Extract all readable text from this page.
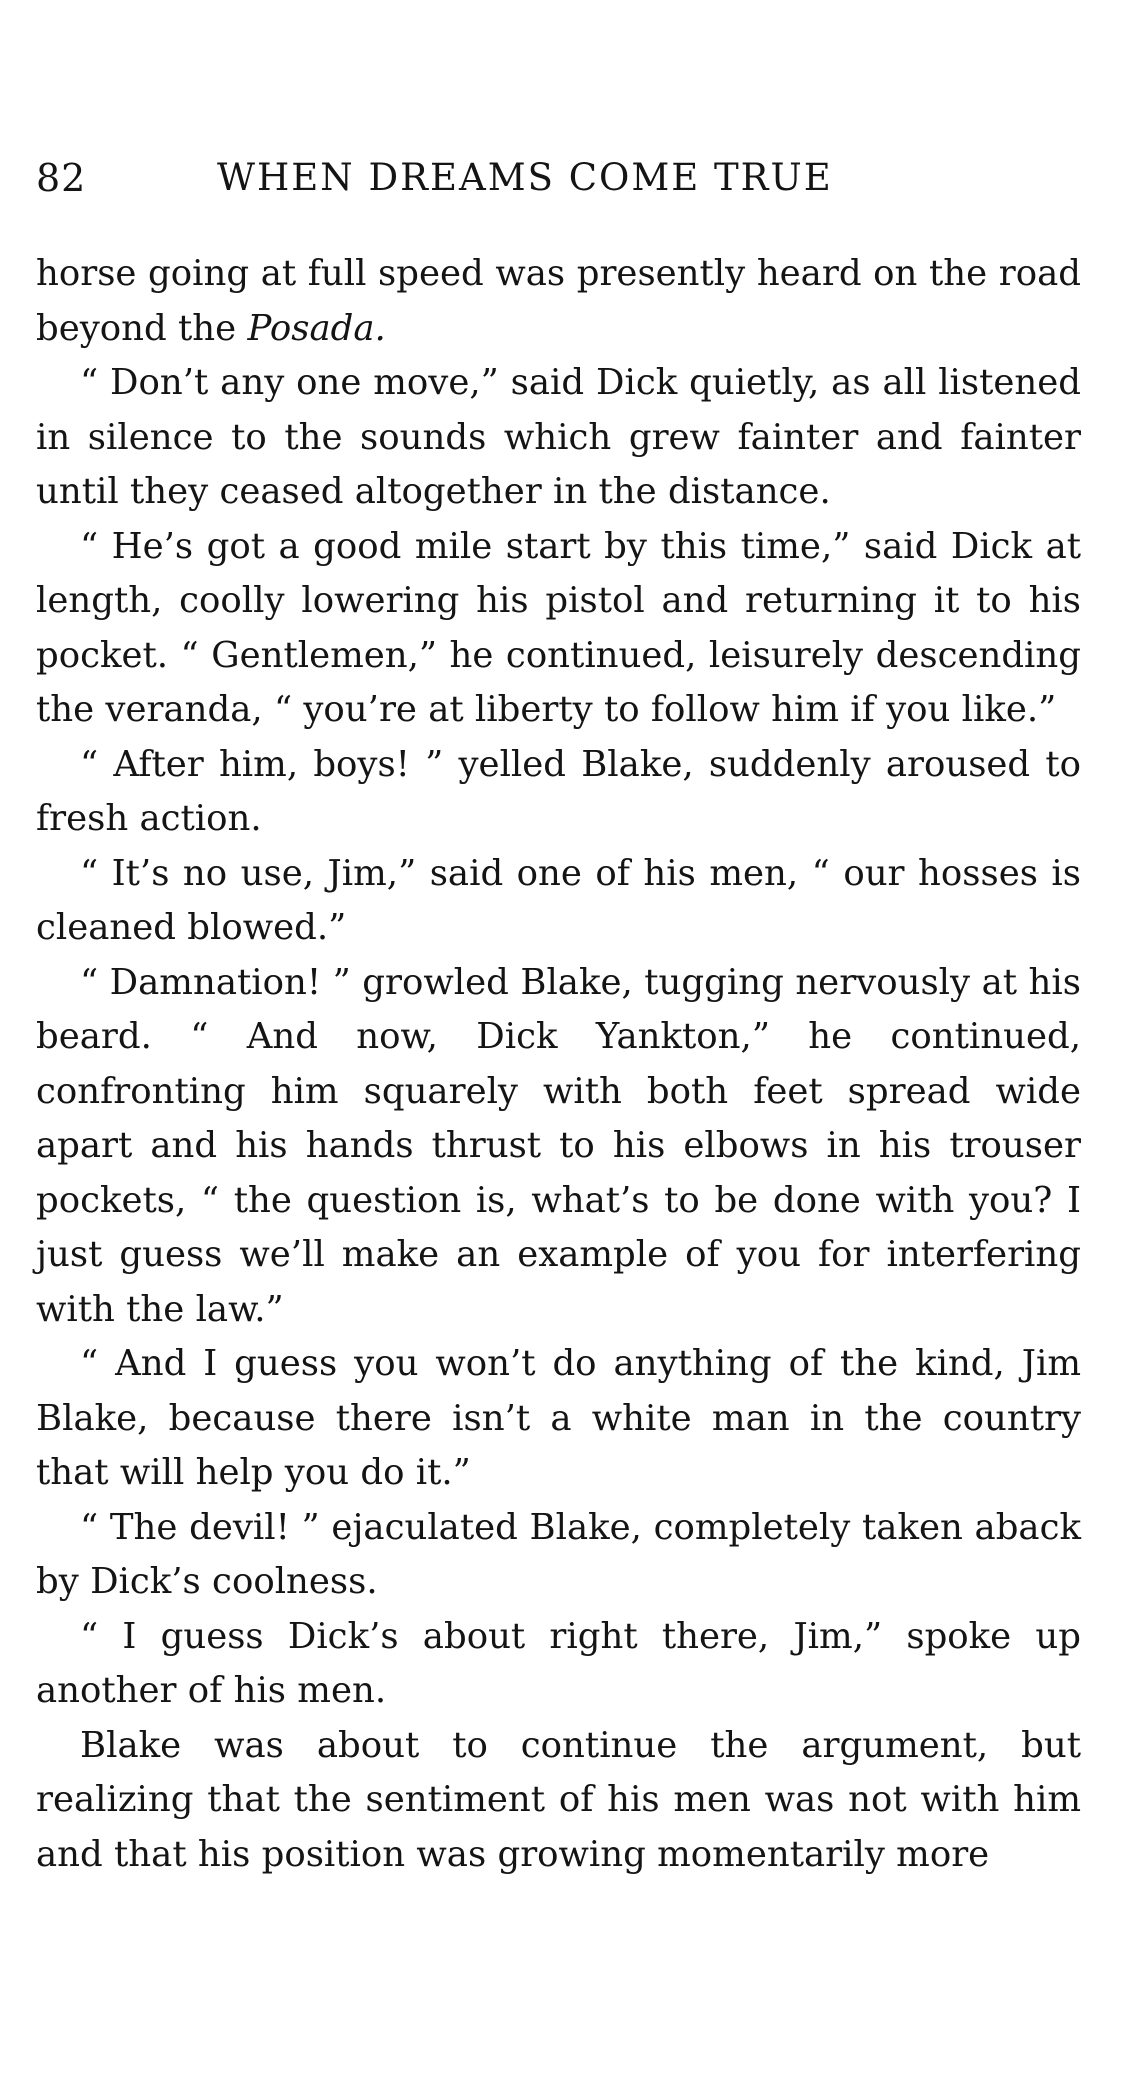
82	WHEN DREAMS COME TRUE

horse going at full speed was presently heard on the road beyond the Posada.

“ Don’t any one move,” said Dick quietly, as all listened in silence to the sounds which grew fainter and fainter until they ceased altogether in the distance.

“ He’s got a good mile start by this time,” said Dick at length, coolly lowering his pistol and returning it to his pocket. “ Gentlemen,” he continued, leisurely descending the veranda, “ you’re at liberty to follow him if you like.”

“ After him, boys! ” yelled Blake, suddenly aroused to fresh action.

“ It’s no use, Jim,” said one of his men, “ our hosses is cleaned blowed.”

“ Damnation! ” growled Blake, tugging nervously at his beard. “ And now, Dick Yankton,” he continued, confronting him squarely with both feet spread wide apart and his hands thrust to his elbows in his trouser pockets, “ the question is, what’s to be done with you? I just guess we’ll make an example of you for interfering with the law.”

“ And I guess you won’t do anything of the kind, Jim Blake, because there isn’t a white man in the country that will help you do it.”

“ The devil! ” ejaculated Blake, completely taken aback by Dick’s coolness.

“ I guess Dick’s about right there, Jim,” spoke up another of his men.

Blake was about to continue the argument, but realizing that the sentiment of his men was not with him and that his position was growing momentarily more
